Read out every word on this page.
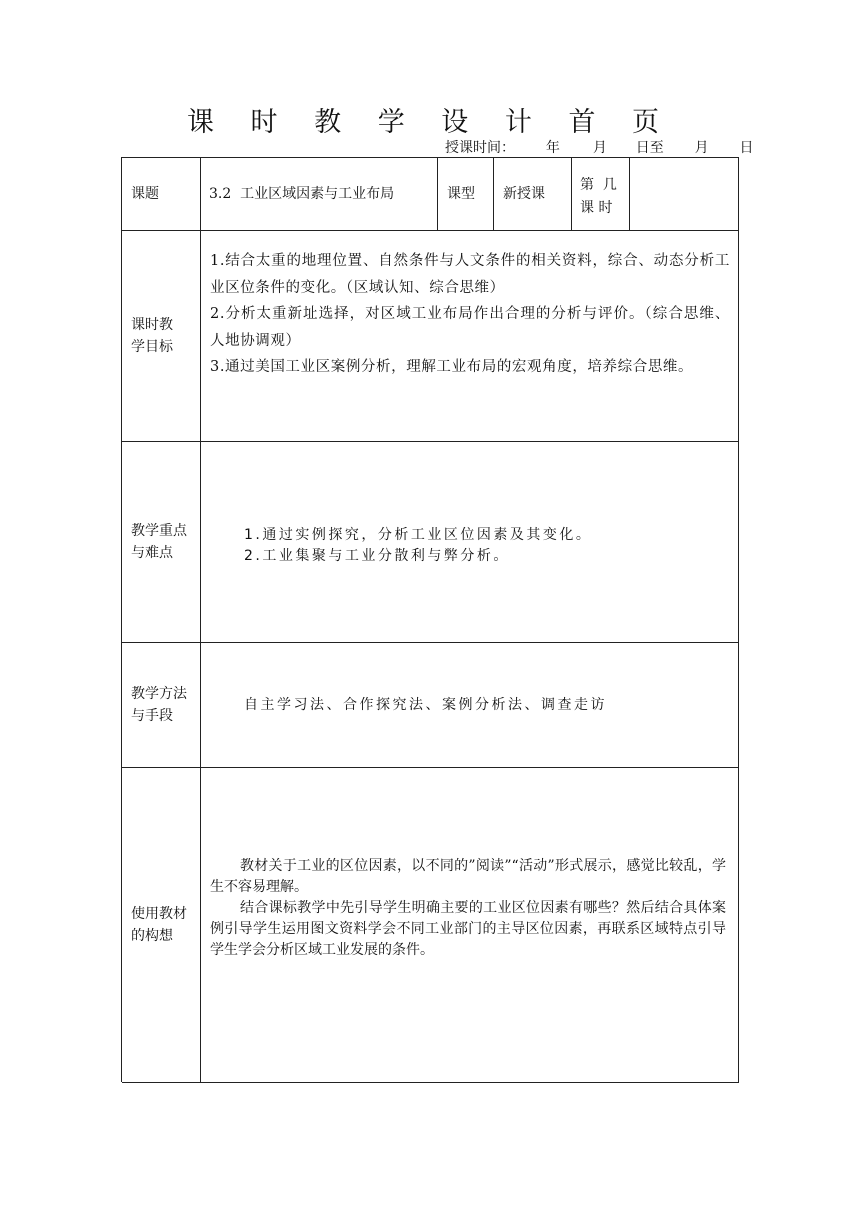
课 时 教 学 设 计 首 页
授课时间： 年 月 日至 月 日
课题	3.2  工业区域因素与工业布局	课型 新授课
第  几
课 时
课时教
学目标

1.结合太重的地理位置、自然条件与人文条件的相关资料，综合、动态分析工业区位条件的变化。（区域认知、综合思维）

2.分析太重新址选择，对区域工业布局作出合理的分析与评价。（综合思维、人地协调观）

3.通过美国工业区案例分析，理解工业布局的宏观角度，培养综合思维。

教学重点
与难点
1.通过实例探究，分析工业区位因素及其变化。
2.工业集聚与工业分散利与弊分析。
教学方法
与手段
自主学习法、合作探究法、案例分析法、调查走访
使用教材
的构想

教材关于工业的区位因素，以不同的”阅读”“活动”形式展示，感觉比较乱，学生不容易理解。

结合课标教学中先引导学生明确主要的工业区位因素有哪些？然后结合具体案例引导学生运用图文资料学会不同工业部门的主导区位因素，再联系区域特点引导学生学会分析区域工业发展的条件。
